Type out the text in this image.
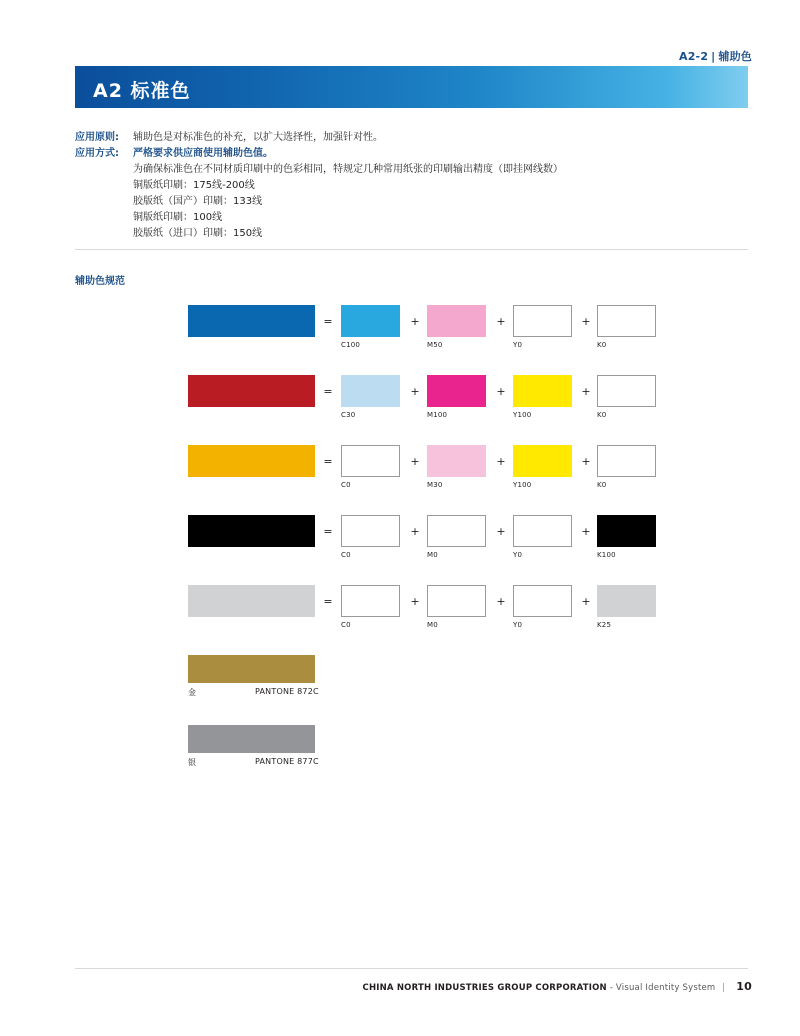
A2-2 | 辅助色
A2 标准色
应用原则:	辅助色是对标准色的补充，以扩大选择性，加强针对性。
应用方式:	严格要求供应商使用辅助色值。
为确保标准色在不同材质印刷中的色彩相同，特规定几种常用纸张的印刷输出精度（即挂网线数）
铜版纸印刷：175线-200线
胶版纸（国产）印刷：133线
铜版纸印刷：100线
胶版纸（进口）印刷：150线
辅助色规范
=
C100
+
M50
+
Y0
+
K0
=
C30
+
M100
+
Y100
+
K0
=
C0
+
M30
+
Y100
+
K0
=
C0
+
M0
+
Y0
+
K100
=
C0
+
M0
+
Y0
+
K25
金	PANTONE 872C
银	PANTONE 877C
CHINA NORTH INDUSTRIES GROUP CORPORATION - Visual Identity System | 10
